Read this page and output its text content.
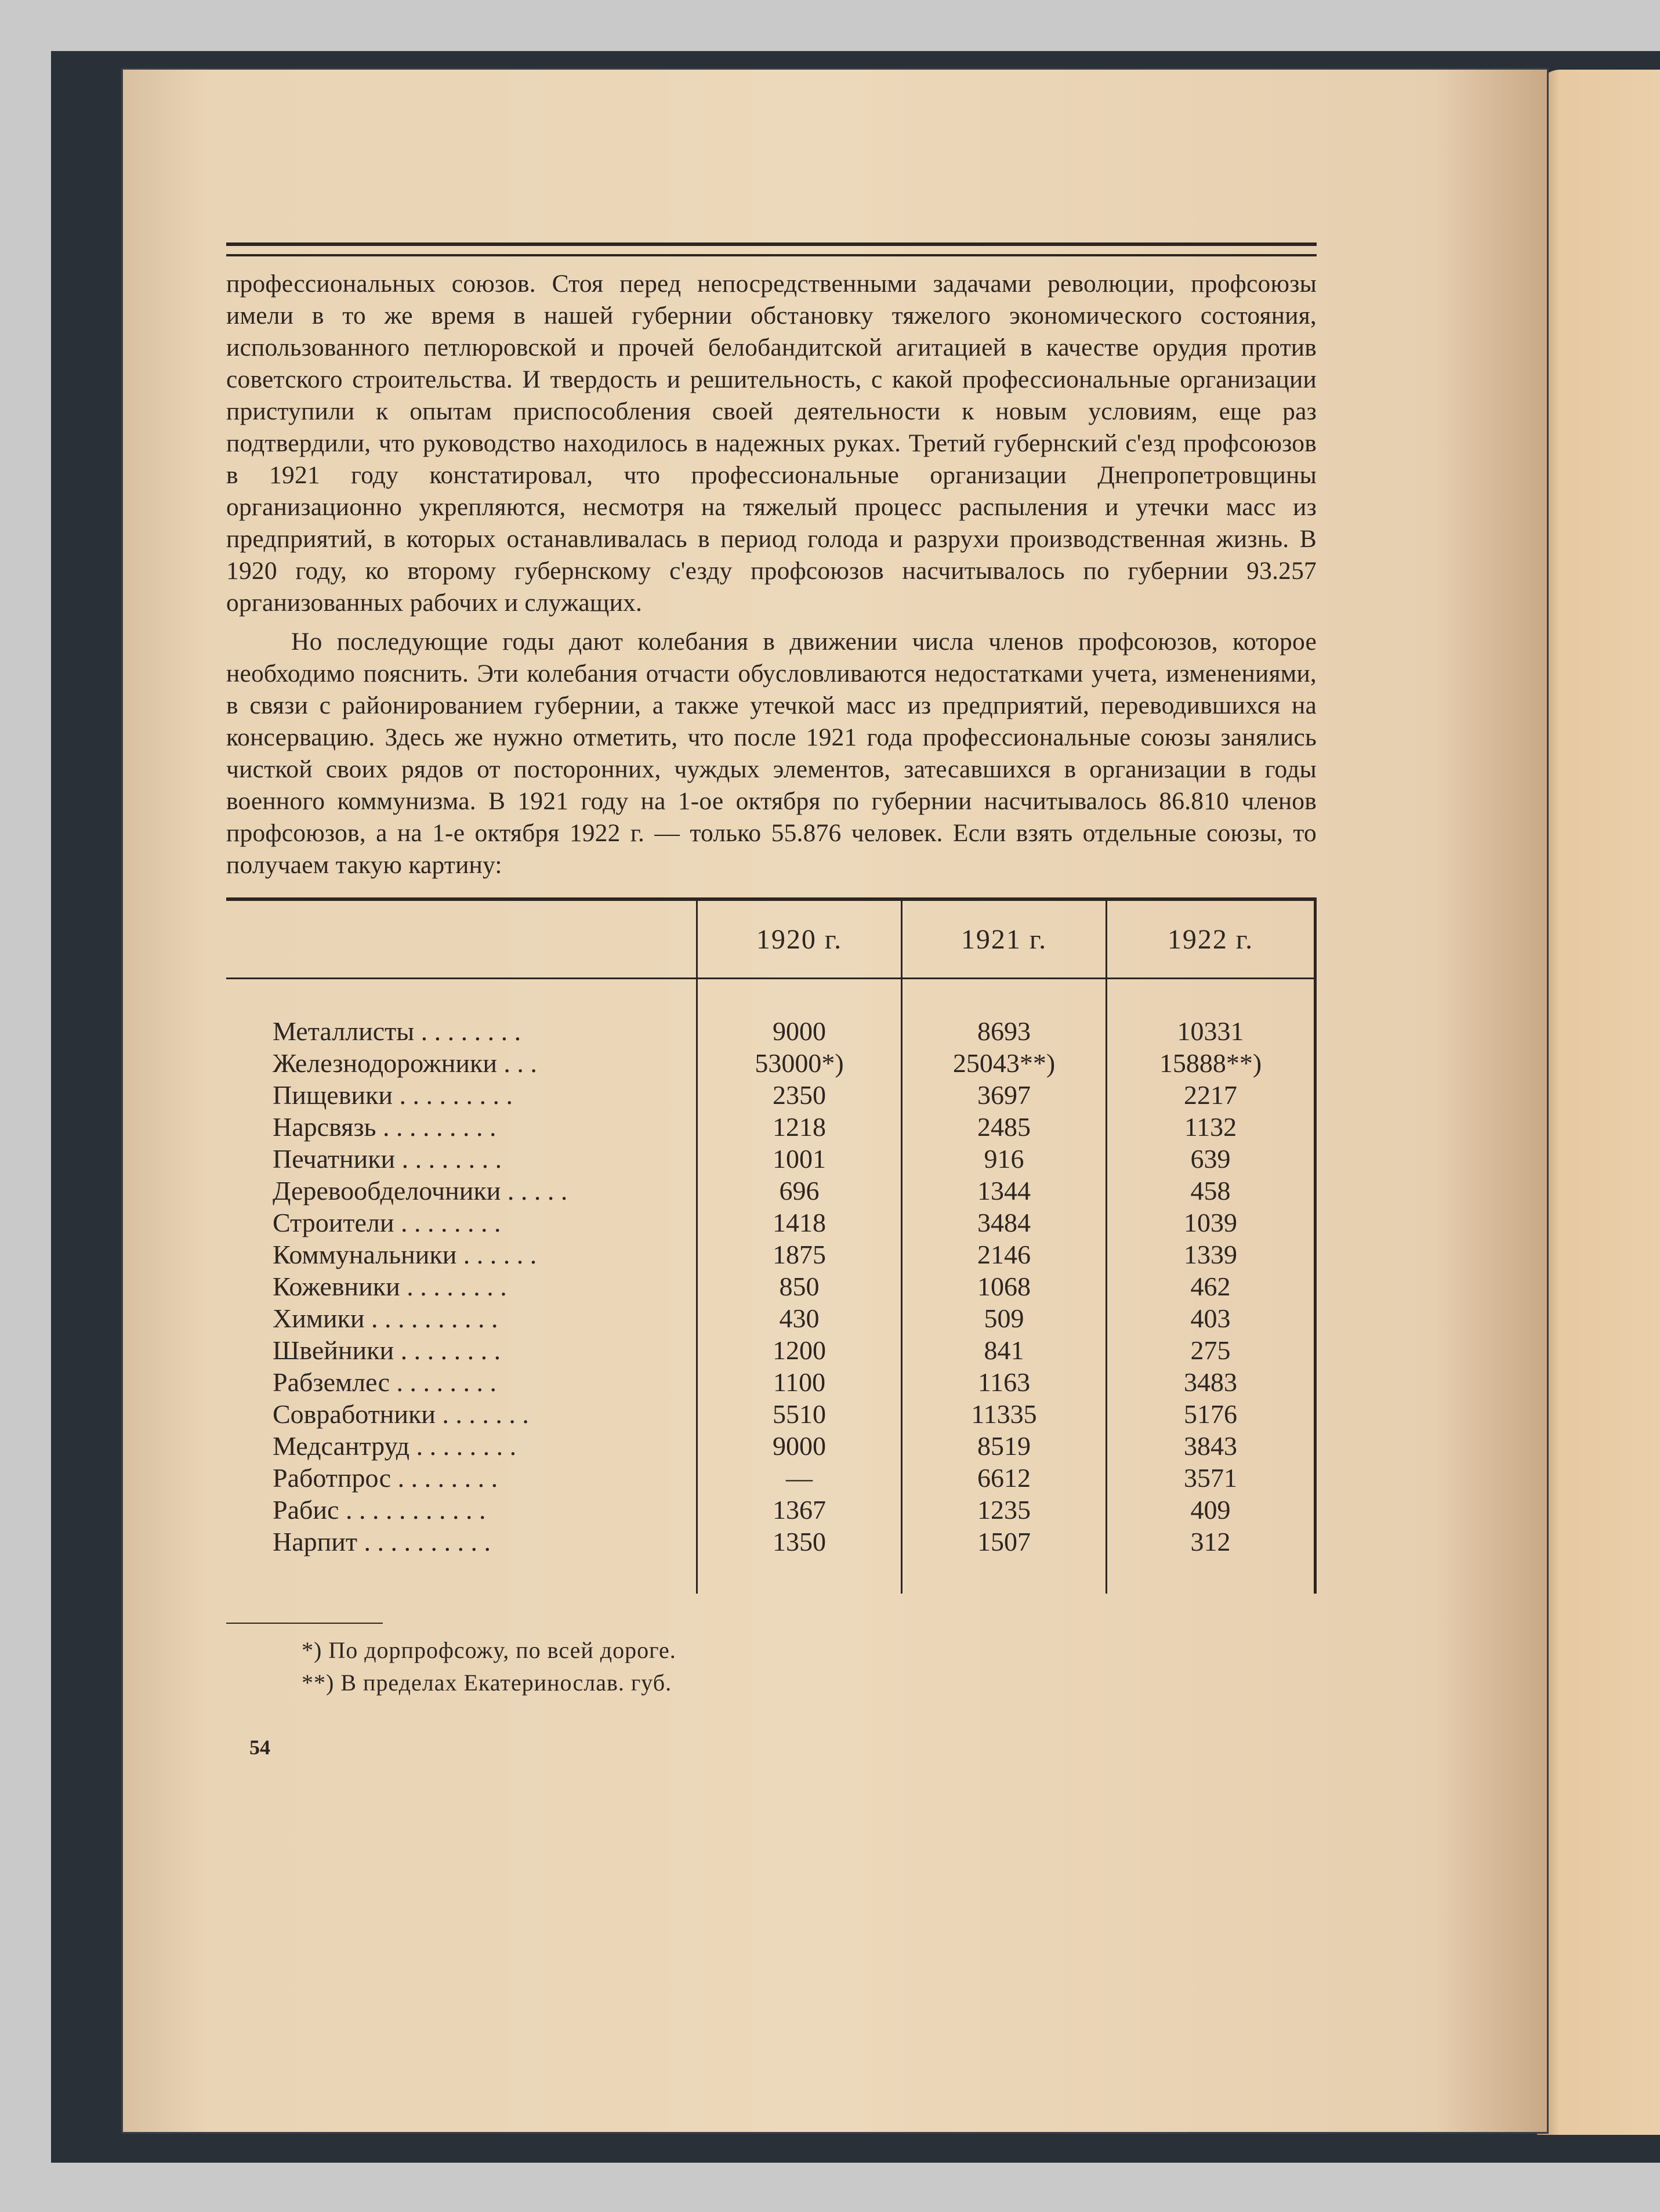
профессиональных союзов. Стоя перед непосредственными задачами революции, профсоюзы имели в то же время в нашей губернии обстановку тяжелого экономического состояния, использованного петлюровской и прочей белобандитской агитацией в качестве орудия против советского строительства. И твердость и решительность, с какой профессиональные организации приступили к опытам приспособления своей деятельности к новым условиям, еще раз подтвердили, что руководство находилось в надежных руках. Третий губернский с'езд профсоюзов в 1921 году констатировал, что профессиональные организации Днепропетровщины организационно укрепляются, несмотря на тяжелый процесс распыления и утечки масс из предприятий, в которых останавливалась в период голода и разрухи производственная жизнь. В 1920 году, ко второму губернскому с'езду профсоюзов насчитывалось по губернии 93.257 организованных рабочих и служащих.

Но последующие годы дают колебания в движении числа членов профсоюзов, которое необходимо пояснить. Эти колебания отчасти обусловливаются недостатками учета, изменениями, в связи с районированием губернии, а также утечкой масс из предприятий, переводившихся на консервацию. Здесь же нужно отметить, что после 1921 года профессиональные союзы занялись чисткой своих рядов от посторонних, чуждых элементов, затесавшихся в организации в годы военного коммунизма. В 1921 году на 1-ое октября по губернии насчитывалось 86.810 членов профсоюзов, а на 1-е октября 1922 г. — только 55.876 человек. Если взять отдельные союзы, то получаем такую картину:

	1920 г.	1921 г.	1922 г.

Металлисты . . . . . . . .	9000	8693	10331
Железнодорожники . . .	53000*)	25043**)	15888**)
Пищевики . . . . . . . . .	2350	3697	2217
Нарсвязь . . . . . . . . .	1218	2485	1132
Печатники . . . . . . . .	1001	916	639
Деревообделочники . . . . .	696	1344	458
Строители . . . . . . . .	1418	3484	1039
Коммунальники . . . . . .	1875	2146	1339
Кожевники . . . . . . . .	850	1068	462
Химики . . . . . . . . . .	430	509	403
Швейники . . . . . . . .	1200	841	275
Рабземлес . . . . . . . .	1100	1163	3483
Совработники . . . . . . .	5510	11335	5176
Медсантруд . . . . . . . .	9000	8519	3843
Работпрос . . . . . . . .	—	6612	3571
Рабис . . . . . . . . . . .	1367	1235	409
Нарпит . . . . . . . . . .	1350	1507	312

*) По дорпрофсожу, по всей дороге.

**) В пределах Екатеринослав. губ.

54
